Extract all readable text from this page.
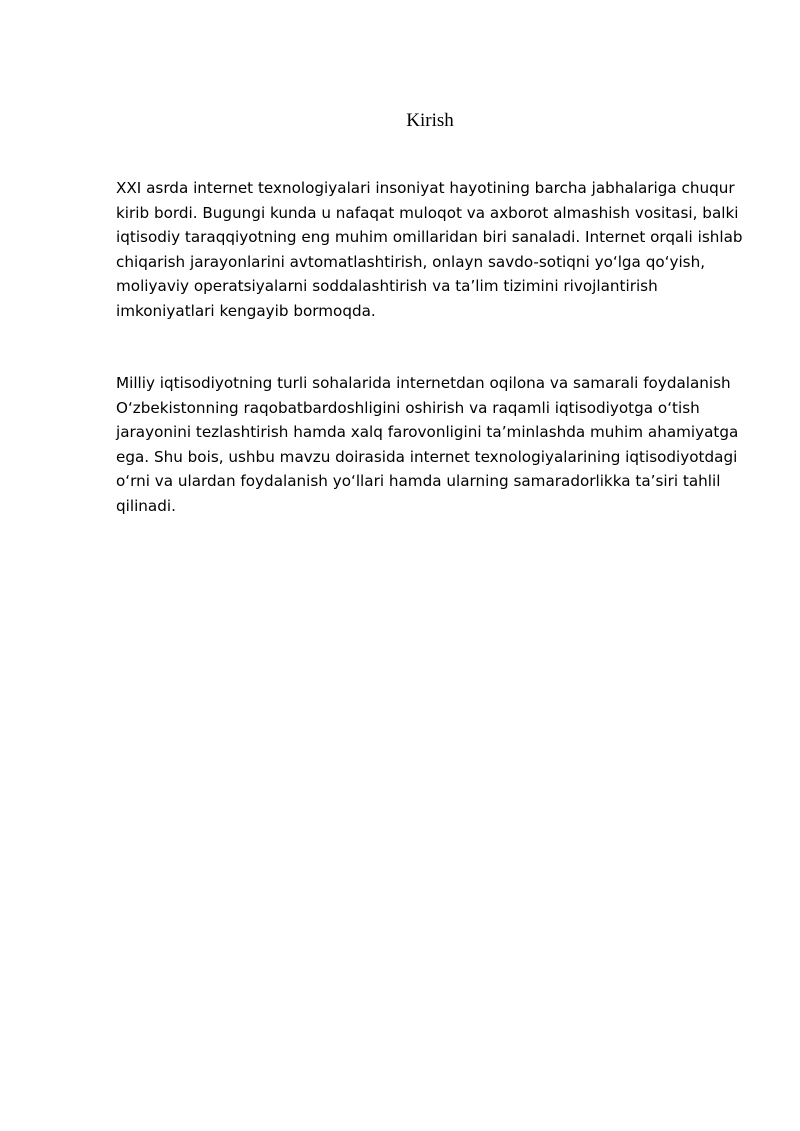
Kirish
XXI asrda internet texnologiyalari insoniyat hayotining barcha jabhalariga chuqur
kirib bordi. Bugungi kunda u nafaqat muloqot va axborot almashish vositasi, balki
iqtisodiy taraqqiyotning eng muhim omillaridan biri sanaladi. Internet orqali ishlab
chiqarish jarayonlarini avtomatlashtirish, onlayn savdo-sotiqni yo‘lga qo‘yish,
moliyaviy operatsiyalarni soddalashtirish va ta’lim tizimini rivojlantirish
imkoniyatlari kengayib bormoqda.
Milliy iqtisodiyotning turli sohalarida internetdan oqilona va samarali foydalanish
O‘zbekistonning raqobatbardoshligini oshirish va raqamli iqtisodiyotga o‘tish
jarayonini tezlashtirish hamda xalq farovonligini ta’minlashda muhim ahamiyatga
ega. Shu bois, ushbu mavzu doirasida internet texnologiyalarining iqtisodiyotdagi
o‘rni va ulardan foydalanish yo‘llari hamda ularning samaradorlikka ta’siri tahlil
qilinadi.
